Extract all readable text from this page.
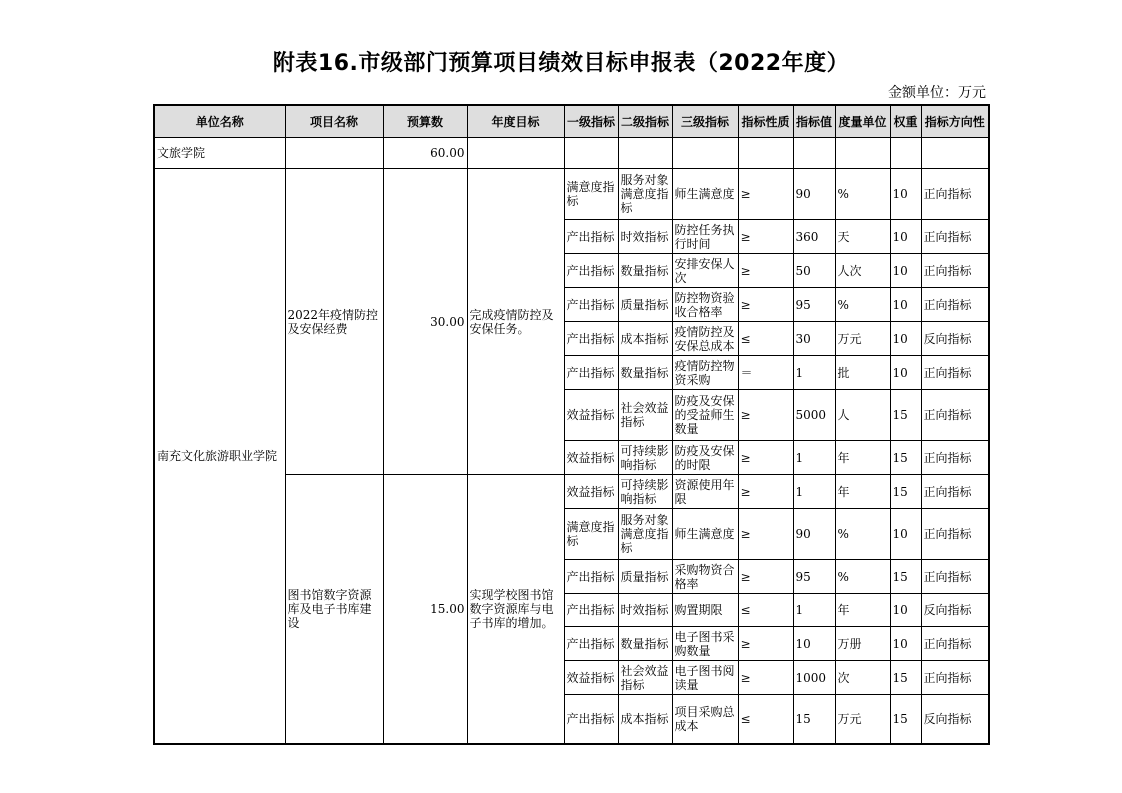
附表16.市级部门预算项目绩效目标申报表（2022年度）
金额单位：万元
单位名称	项目名称	预算数	年度目标	一级指标	二级指标	三级指标	指标性质	指标值	度量单位	权重	指标方向性
文旅学院		60.00									
南充文化旅游职业学院	2022年疫情防控及安保经费	30.00	完成疫情防控及安保任务。	满意度指标	服务对象满意度指标	师生满意度	≥	90	%	10	正向指标
				产出指标	时效指标	防控任务执行时间	≥	360	天	10	正向指标
				产出指标	数量指标	安排安保人次	≥	50	人次	10	正向指标
				产出指标	质量指标	防控物资验收合格率	≥	95	%	10	正向指标
				产出指标	成本指标	疫情防控及安保总成本	≤	30	万元	10	反向指标
				产出指标	数量指标	疫情防控物资采购	＝	1	批	10	正向指标
				效益指标	社会效益指标	防疫及安保的受益师生数量	≥	5000	人	15	正向指标
				效益指标	可持续影响指标	防疫及安保的时限	≥	1	年	15	正向指标
	图书馆数字资源库及电子书库建设	15.00	实现学校图书馆数字资源库与电子书库的增加。	效益指标	可持续影响指标	资源使用年限	≥	1	年	15	正向指标
				满意度指标	服务对象满意度指标	师生满意度	≥	90	%	10	正向指标
				产出指标	质量指标	采购物资合格率	≥	95	%	15	正向指标
				产出指标	时效指标	购置期限	≤	1	年	10	反向指标
				产出指标	数量指标	电子图书采购数量	≥	10	万册	10	正向指标
				效益指标	社会效益指标	电子图书阅读量	≥	1000	次	15	正向指标
				产出指标	成本指标	项目采购总成本	≤	15	万元	15	反向指标
